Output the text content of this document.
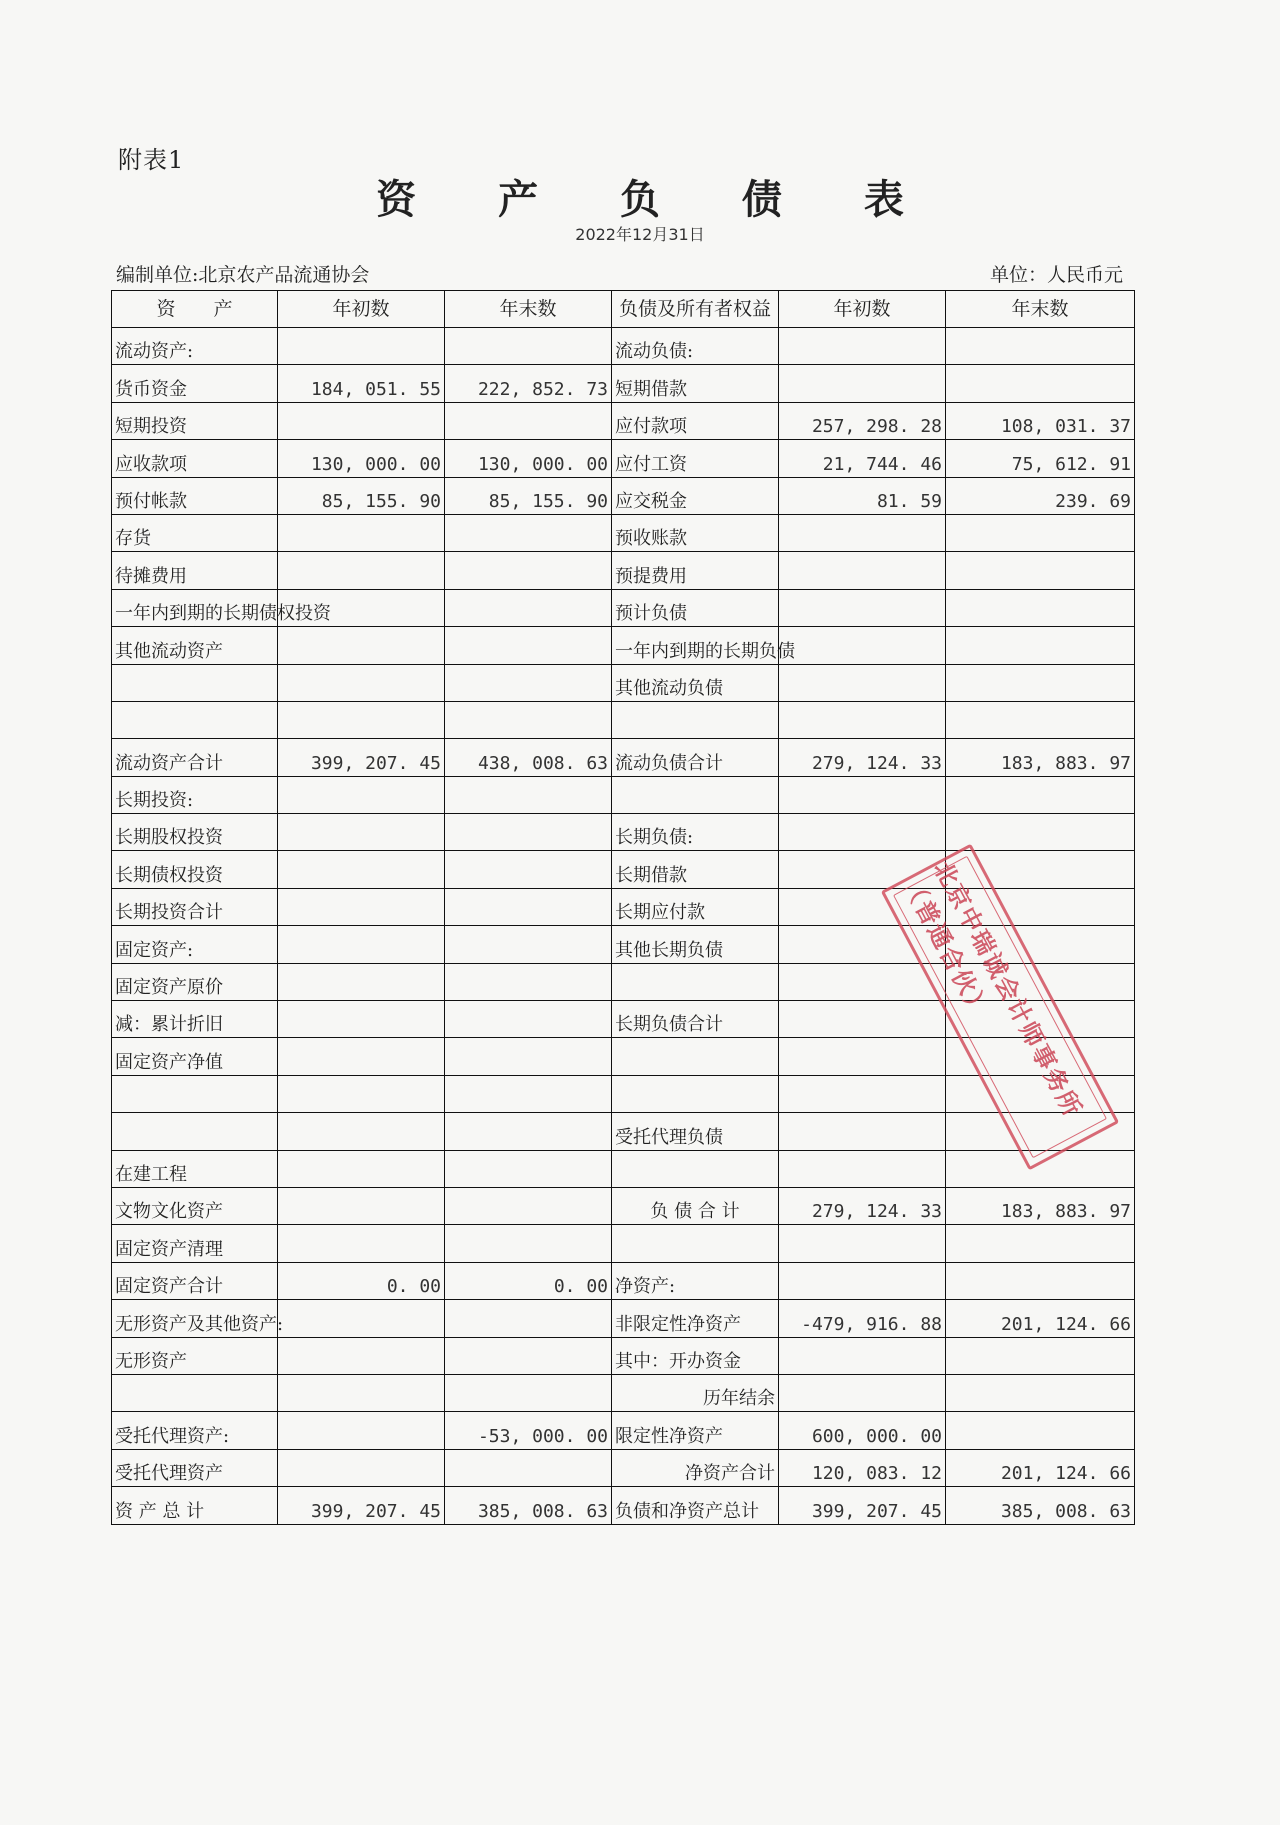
附表1
资 产 负 债 表
2022年12月31日
编制单位:北京农产品流通协会	单位：人民币元
资　　产	年初数	年末数	负债及所有者权益	年初数	年末数
流动资产:			流动负债:		
货币资金	184, 051. 55	222, 852. 73	短期借款		
短期投资			应付款项	257, 298. 28	108, 031. 37
应收款项	130, 000. 00	130, 000. 00	应付工资	21, 744. 46	75, 612. 91
预付帐款	85, 155. 90	85, 155. 90	应交税金	81. 59	239. 69
存货			预收账款		
待摊费用			预提费用		
一年内到期的长期债权投资			预计负债		
其他流动资产			一年内到期的长期负债		
			其他流动负债		

流动资产合计	399, 207. 45	438, 008. 63	流动负债合计	279, 124. 33	183, 883. 97
长期投资:					
长期股权投资			长期负债:		
长期债权投资			长期借款		
长期投资合计			长期应付款		
固定资产:			其他长期负债		
固定资产原价					
减：累计折旧			长期负债合计		
固定资产净值					

			受托代理负债		
在建工程					
文物文化资产			负 债 合 计	279, 124. 33	183, 883. 97
固定资产清理					
固定资产合计	0. 00	0. 00	净资产:		
无形资产及其他资产:			非限定性净资产	-479, 916. 88	201, 124. 66
无形资产			其中：开办资金		
			历年结余		
受托代理资产:		-53, 000. 00	限定性净资产	600, 000. 00	
受托代理资产			净资产合计	120, 083. 12	201, 124. 66
资 产 总 计	399, 207. 45	385, 008. 63	负债和净资产总计	399, 207. 45	385, 008. 63
北京中瑞诚会计师事务所（普通合伙）
